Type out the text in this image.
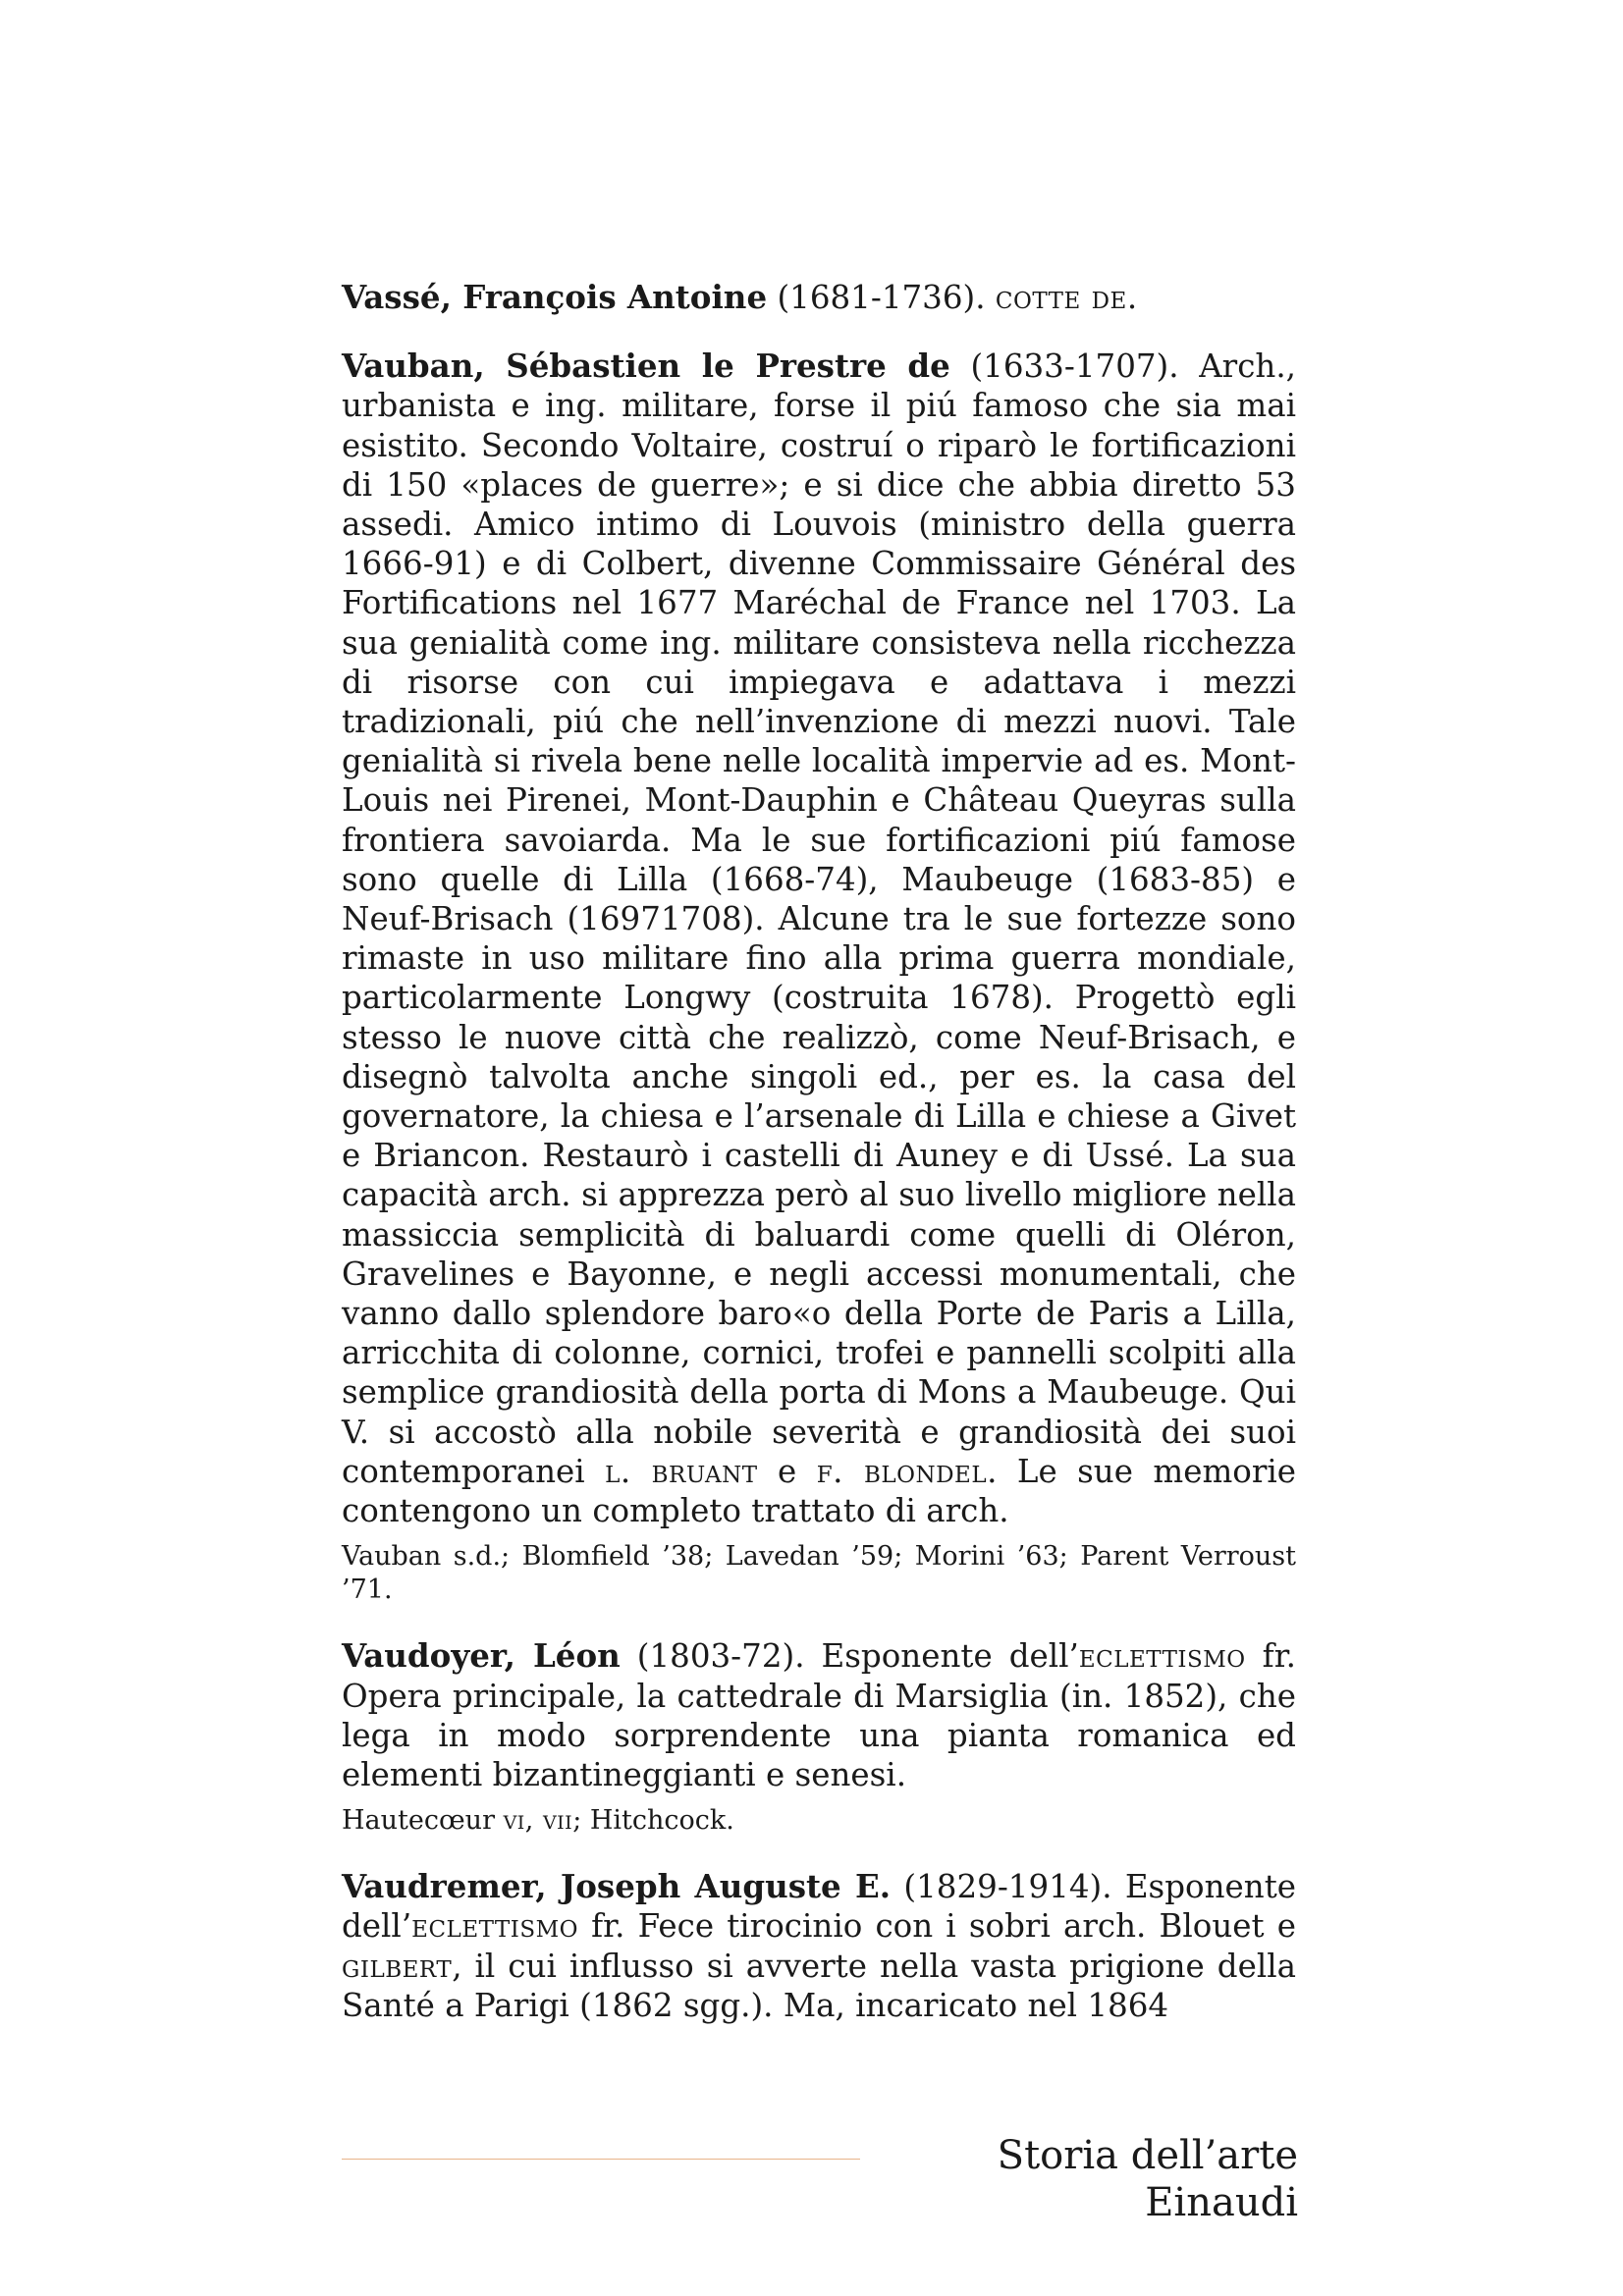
Vassé, François Antoine (1681-1736). cotte de.

Vauban, Sébastien le Prestre de (1633-1707). Arch., urbanista e ing. militare, forse il piú famoso che sia mai esistito. Secondo Voltaire, costruí o riparò le fortificazioni di 150 «places de guerre»; e si dice che abbia diretto 53 assedi. Amico intimo di Louvois (ministro della guerra 1666-91) e di Colbert, divenne Commissaire Général des Fortifications nel 1677 Maréchal de France nel 1703. La sua genialità come ing. militare consisteva nella ricchezza di risorse con cui impiegava e adattava i mezzi tradizionali, piú che nell’invenzione di mezzi nuovi. Tale genialità si rivela bene nelle località impervie ad es. Mont-Louis nei Pirenei, Mont-Dauphin e Château Queyras sulla frontiera savoiarda. Ma le sue fortificazioni piú famose sono quelle di Lilla (1668-74), Maubeuge (1683-85) e Neuf-Brisach (16971708). Alcune tra le sue fortezze sono rimaste in uso militare fino alla prima guerra mondiale, particolarmente Longwy (costruita 1678). Progettò egli stesso le nuove città che realizzò, come Neuf-Brisach, e disegnò talvolta anche singoli ed., per es. la casa del governatore, la chiesa e l’arsenale di Lilla e chiese a Givet e Briancon. Restaurò i castelli di Auney e di Ussé. La sua capacità arch. si apprezza però al suo livello migliore nella massiccia semplicità di baluardi come quelli di Oléron, Gravelines e Bayonne, e negli accessi monumentali, che vanno dallo splendore baro«o della Porte de Paris a Lilla, arricchita di colonne, cornici, trofei e pannelli scolpiti alla semplice grandiosità della porta di Mons a Maubeuge. Qui V. si accostò alla nobile severità e grandiosità dei suoi contemporanei l. bruant e f. blondel. Le sue memorie contengono un completo trattato di arch.

Vauban s.d.; Blomfield ’38; Lavedan ’59; Morini ’63; Parent Verroust ’71.

Vaudoyer, Léon (1803-72). Esponente dell’eclettismo fr. Opera principale, la cattedrale di Marsiglia (in. 1852), che lega in modo sorprendente una pianta romanica ed elementi bizantineggianti e senesi.

Hautecœur vi, vii; Hitchcock.

Vaudremer, Joseph Auguste E. (1829-1914). Esponente dell’eclettismo fr. Fece tirocinio con i sobri arch. Blouet e gilbert, il cui influsso si avverte nella vasta prigione della Santé a Parigi (1862 sgg.). Ma, incaricato nel 1864

Storia dell’arte Einaudi
